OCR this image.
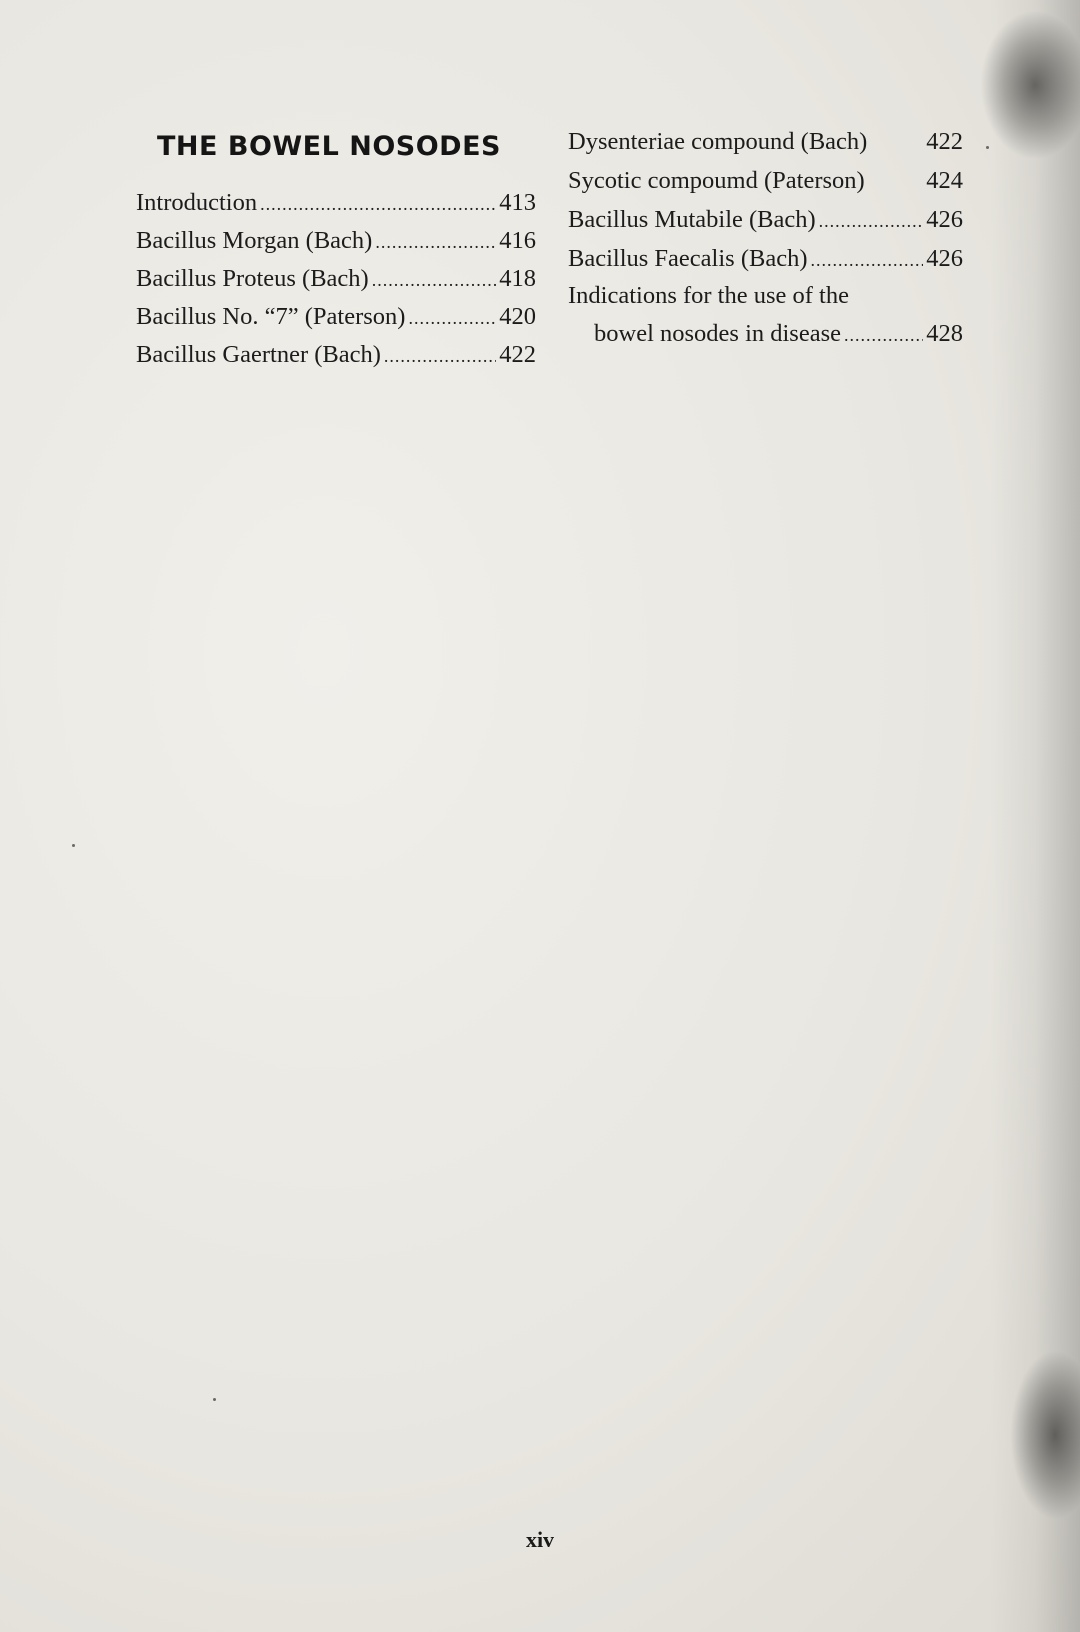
THE BOWEL NOSODES
Introduction .....	413
Bacillus Morgan (Bach) .....	416
Bacillus Proteus (Bach) .....	418
Bacillus No. “7” (Paterson) .....	420
Bacillus Gaertner (Bach) .....	422
Dysenteriae compound (Bach)	422
Sycotic compoumd (Paterson)	424
Bacillus Mutabile (Bach) .....	426
Bacillus Faecalis (Bach) .....	426
Indications for the use of the
bowel nosodes in disease .....	428
xiv
